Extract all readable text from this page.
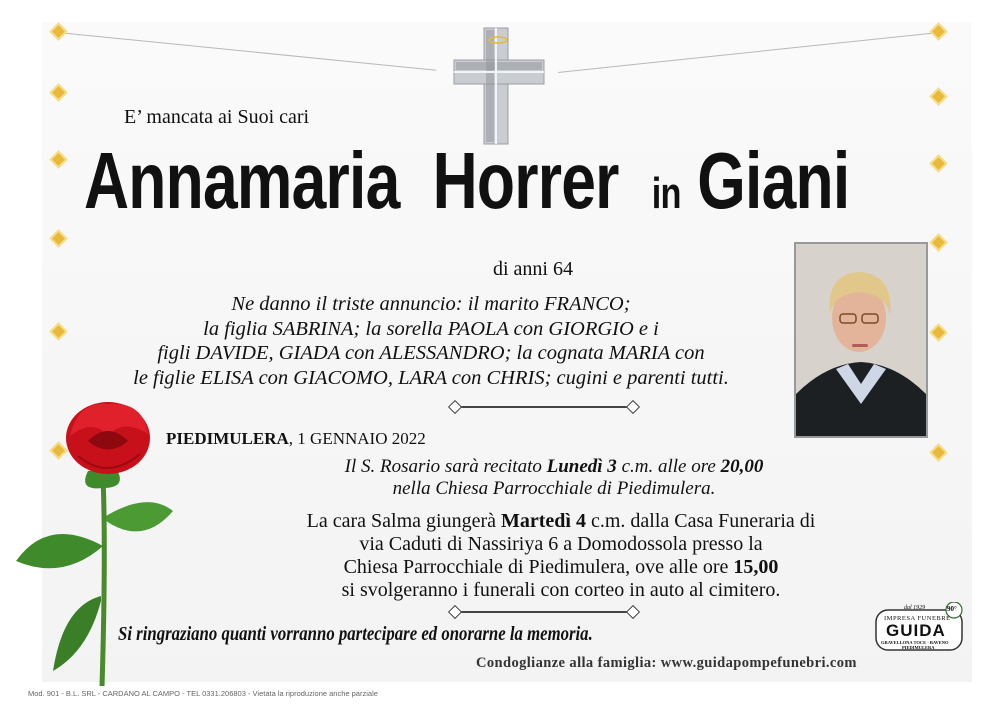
E’ mancata ai Suoi cari
Annamaria Horrer in Giani
di anni 64
Ne danno il triste annuncio: il marito FRANCO;
la figlia SABRINA; la sorella PAOLA con GIORGIO e i
figli DAVIDE, GIADA con ALESSANDRO; la cognata MARIA con
le figlie ELISA con GIACOMO, LARA con CHRIS; cugini e parenti tutti.
PIEDIMULERA, 1 GENNAIO 2022
Il S. Rosario sarà recitato Lunedì 3 c.m. alle ore 20,00
nella Chiesa Parrocchiale di Piedimulera.
La cara Salma giungerà Martedì 4 c.m. dalla Casa Funeraria di
via Caduti di Nassiriya 6 a Domodossola presso la
Chiesa Parrocchiale di Piedimulera, ove alle ore 15,00
si svolgeranno i funerali con corteo in auto al cimitero.
Si ringraziano quanti vorranno partecipare ed onorarne la memoria.
dal 1929	90°
IMPRESA FUNEBRE
GUIDA
GRAVELLONA TOCE - BAVENO
PIEDIMULERA
Condoglianze alla famiglia: www.guidapompefunebri.com
Mod. 901 - B.L. SRL - CARDANO AL CAMPO - TEL 0331.206803 - Vietata la riproduzione anche parziale
